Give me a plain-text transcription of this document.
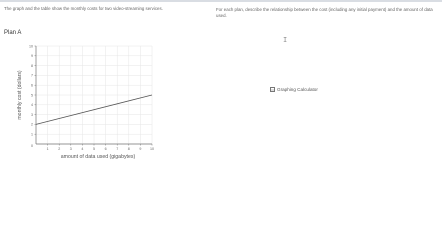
The graph and the table show the monthly costs for two video-streaming services.
Plan A
1	2	3	4	5	6	7	8	9 10
1
2
3
4
5
6
7
8
9
10
0
amount of data used (gigabytes)
monthly cost (dollars)
For each plan, describe the relationship between the cost (including any initial payment) and the amount of data used.
I
Graphing Calculator
